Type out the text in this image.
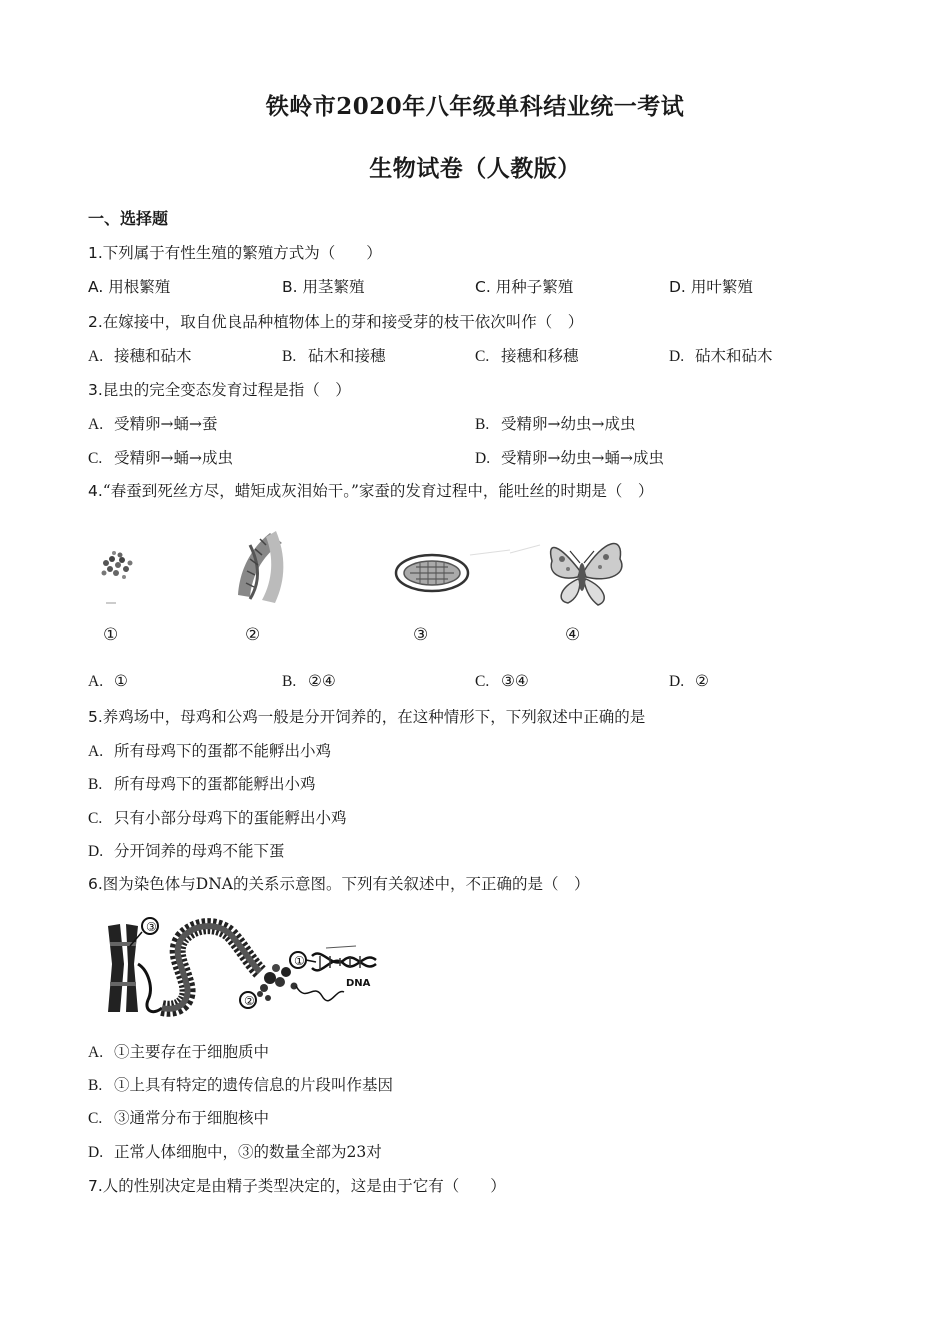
铁岭市2020年八年级单科结业统一考试
生物试卷（人教版）
一、选择题
1.下列属于有性生殖的繁殖方式为（　　）
A. 用根繁殖	B. 用茎繁殖	C. 用种子繁殖	D. 用叶繁殖
2.在嫁接中，取自优良品种植物体上的芽和接受芽的枝干依次叫作（　）
A. 接穗和砧木	B. 砧木和接穗	C. 接穗和移穗	D. 砧木和砧木
3.昆虫的完全变态发育过程是指（　）
A. 受精卵→蛹→蚕	B. 受精卵→幼虫→成虫
C. 受精卵→蛹→成虫	D. 受精卵→幼虫→蛹→成虫
4.“春蚕到死丝方尽，蜡矩成灰泪始干。”家蚕的发育过程中，能吐丝的时期是（　）
①	②	③	④
A. ①	B. ②④	C. ③④	D. ②
5.养鸡场中，母鸡和公鸡一般是分开饲养的，在这种情形下，下列叙述中正确的是
A. 所有母鸡下的蛋都不能孵出小鸡
B. 所有母鸡下的蛋都能孵出小鸡
C. 只有小部分母鸡下的蛋能孵出小鸡
D. 分开饲养的母鸡不能下蛋
6.图为染色体与DNA的关系示意图。下列有关叙述中，不正确的是（　）
③
②
①
DNA
A. ①主要存在于细胞质中
B. ①上具有特定的遗传信息的片段叫作基因
C. ③通常分布于细胞核中
D. 正常人体细胞中，③的数量全部为23对
7.人的性别决定是由精子类型决定的，这是由于它有（　　）
